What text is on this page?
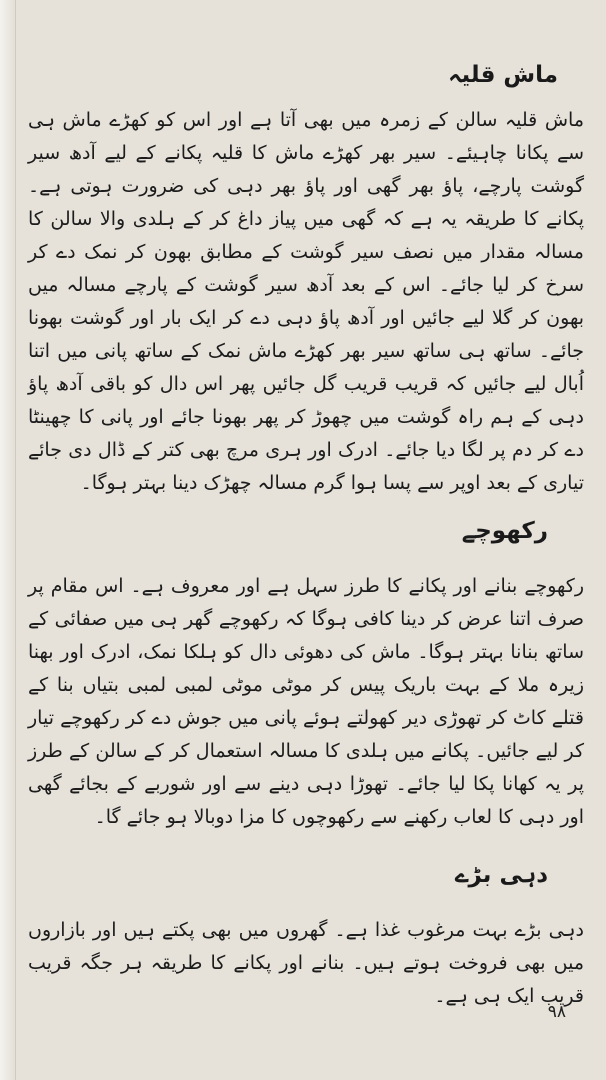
ماش قلیہ

ماش قلیہ سالن کے زمرہ میں بھی آتا ہے اور اس کو کھڑے ماش ہی سے پکانا چاہیئے۔ سیر بھر کھڑے ماش کا قلیہ پکانے کے لیے آدھ سیر گوشت پارچے، پاؤ بھر گھی اور پاؤ بھر دہی کی ضرورت ہوتی ہے۔ پکانے کا طریقہ یہ ہے کہ گھی میں پیاز داغ کر کے ہلدی والا سالن کا مسالہ مقدار میں نصف سیر گوشت کے مطابق بھون کر نمک دے کر سرخ کر لیا جائے۔ اس کے بعد آدھ سیر گوشت کے پارچے مسالہ میں بھون کر گلا لیے جائیں اور آدھ پاؤ دہی دے کر ایک بار اور گوشت بھونا جائے۔ ساتھ ہی ساتھ سیر بھر کھڑے ماش نمک کے ساتھ پانی میں اتنا اُبال لیے جائیں کہ قریب قریب گل جائیں پھر اس دال کو باقی آدھ پاؤ دہی کے ہم راہ گوشت میں چھوڑ کر پھر بھونا جائے اور پانی کا چھینٹا دے کر دم پر لگا دیا جائے۔ ادرک اور ہری مرچ بھی کتر کے ڈال دی جائے تیاری کے بعد اوپر سے پسا ہوا گرم مسالہ چھڑک دینا بہتر ہوگا۔

رکھوچے

رکھوچے بنانے اور پکانے کا طرز سہل ہے اور معروف ہے۔ اس مقام پر صرف اتنا عرض کر دینا کافی ہوگا کہ رکھوچے گھر ہی میں صفائی کے ساتھ بنانا بہتر ہوگا۔ ماش کی دھوئی دال کو ہلکا نمک، ادرک اور بھنا زیرہ ملا کے بہت باریک پیس کر موٹی موٹی لمبی لمبی بتیاں بنا کے قتلے کاٹ کر تھوڑی دیر کھولتے ہوئے پانی میں جوش دے کر رکھوچے تیار کر لیے جائیں۔ پکانے میں ہلدی کا مسالہ استعمال کر کے سالن کے طرز پر یہ کھانا پکا لیا جائے۔ تھوڑا دہی دینے سے اور شوربے کے بجائے گھی اور دہی کا لعاب رکھنے سے رکھوچوں کا مزا دوبالا ہو جائے گا۔

دہی بڑے

دہی بڑے بہت مرغوب غذا ہے۔ گھروں میں بھی پکتے ہیں اور بازاروں میں بھی فروخت ہوتے ہیں۔ بنانے اور پکانے کا طریقہ ہر جگہ قریب قریب ایک ہی ہے۔

۹۸
